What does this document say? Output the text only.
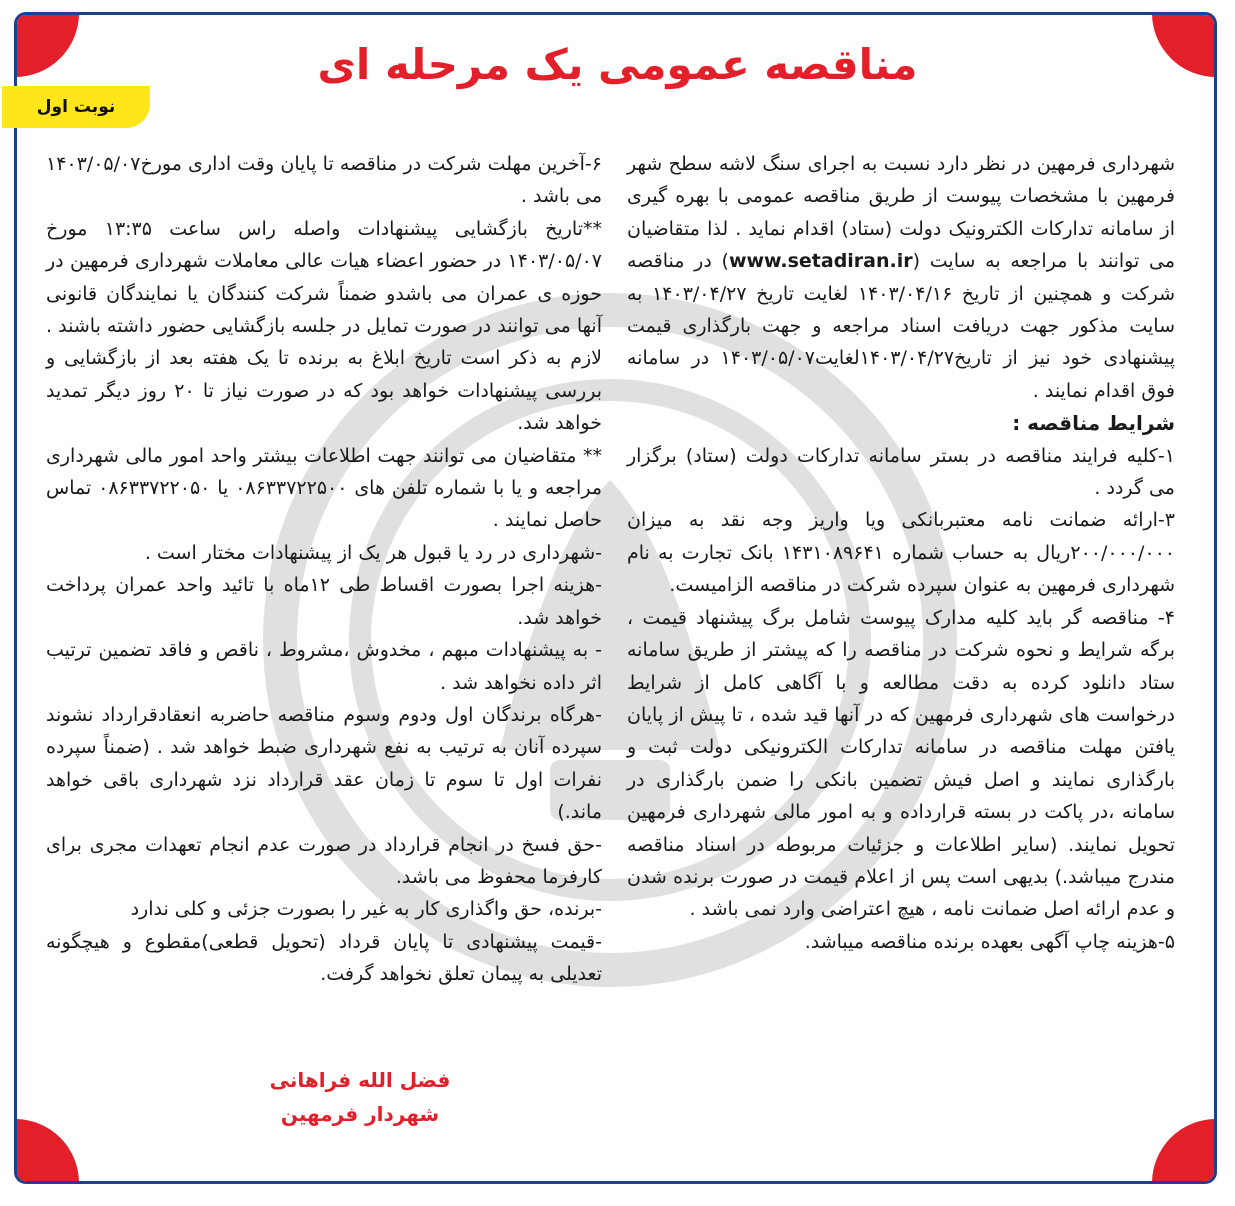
مناقصه عمومی یک مرحله ای
نوبت اول

شهرداری فرمهین در نظر دارد نسبت به اجرای سنگ لاشه سطح شهر فرمهین با مشخصات پیوست از طریق مناقصه عمومی با بهره گیری از سامانه تدارکات الکترونیک دولت (ستاد) اقدام نماید . لذا متقاضیان می توانند با مراجعه به سایت (www.setadiran.ir) در مناقصه شرکت و همچنین از تاریخ ۱۴۰۳/۰۴/۱۶ لغایت تاریخ ۱۴۰۳/۰۴/۲۷ به سایت مذکور جهت دریافت اسناد مراجعه و جهت بارگذاری قیمت پیشنهادی خود نیز از تاریخ۱۴۰۳/۰۴/۲۷لغایت۱۴۰۳/۰۵/۰۷ در سامانه فوق اقدام نمایند .

شرایط مناقصه :

۱-کلیه فرایند مناقصه در بستر سامانه تدارکات دولت (ستاد) برگزار می گردد .

۳-ارائه ضمانت نامه معتبربانکی ویا واریز وجه نقد به میزان ۲۰۰/۰۰۰/۰۰۰ریال به حساب شماره ۱۴۳۱۰۸۹۶۴۱ بانک تجارت به نام شهرداری فرمهین به عنوان سپرده شرکت در مناقصه الزامیست.

۴- مناقصه گر باید کلیه مدارک پیوست شامل برگ پیشنهاد قیمت ، برگه شرایط و نحوه شرکت در مناقصه را که پیشتر از طریق سامانه ستاد دانلود کرده به دقت مطالعه و با آگاهی کامل از شرایط درخواست های شهرداری فرمهین که در آنها قید شده ، تا پیش از پایان یافتن مهلت مناقصه در سامانه تدارکات الکترونیکی دولت ثبت و بارگذاری نمایند و اصل فیش تضمین بانکی را ضمن بارگذاری در سامانه ،در پاکت در بسته قرارداده و به امور مالی شهرداری فرمهین تحویل نمایند. (سایر اطلاعات و جزئیات مربوطه در اسناد مناقصه مندرج میباشد.) بدیهی است پس از اعلام قیمت در صورت برنده شدن و عدم ارائه اصل ضمانت نامه ، هیچ اعتراضی وارد نمی باشد .

۵-هزینه چاپ آگهی بعهده برنده مناقصه میباشد.

۶-آخرین مهلت شرکت در مناقصه تا پایان وقت اداری مورخ۱۴۰۳/۰۵/۰۷ می باشد .

**تاریخ بازگشایی پیشنهادات واصله راس ساعت ۱۳:۳۵ مورخ ۱۴۰۳/۰۵/۰۷ در حضور اعضاء هیات عالی معاملات شهرداری فرمهین در حوزه ی عمران می باشدو ضمناً شرکت کنندگان یا نمایندگان قانونی آنها می توانند در صورت تمایل در جلسه بازگشایی حضور داشته باشند . لازم به ذکر است تاریخ ابلاغ به برنده تا یک هفته بعد از بازگشایی و بررسی پیشنهادات خواهد بود که در صورت نیاز تا ۲۰ روز دیگر تمدید خواهد شد.

** متقاضیان می توانند جهت اطلاعات بیشتر واحد امور مالی شهرداری مراجعه و یا با شماره تلفن های ۰۸۶۳۳۷۲۲۵۰۰ یا ۰۸۶۳۳۷۲۲۰۵۰ تماس حاصل نمایند .

-شهرداری در رد یا قبول هر یک از پیشنهادات مختار است .

-هزینه اجرا بصورت اقساط طی ۱۲ماه با تائید واحد عمران پرداخت خواهد شد.

- به پیشنهادات مبهم ، مخدوش ،مشروط ، ناقص و فاقد تضمین ترتیب اثر داده نخواهد شد .

-هرگاه برندگان اول ودوم وسوم مناقصه حاضربه انعقادقرارداد نشوند سپرده آنان به ترتیب به نفع شهرداری ضبط خواهد شد . (ضمناً سپرده نفرات اول تا سوم تا زمان عقد قرارداد نزد شهرداری باقی خواهد ماند.)

-حق فسخ در انجام قرارداد در صورت عدم انجام تعهدات مجری برای کارفرما محفوظ می باشد.

-برنده، حق واگذاری کار به غیر را بصورت جزئی و کلی ندارد

-قیمت پیشنهادی تا پایان قرداد (تحویل قطعی)مقطوع و هیچگونه تعدیلی به پیمان تعلق نخواهد گرفت.

فضل الله فراهانی
شهردار فرمهین
